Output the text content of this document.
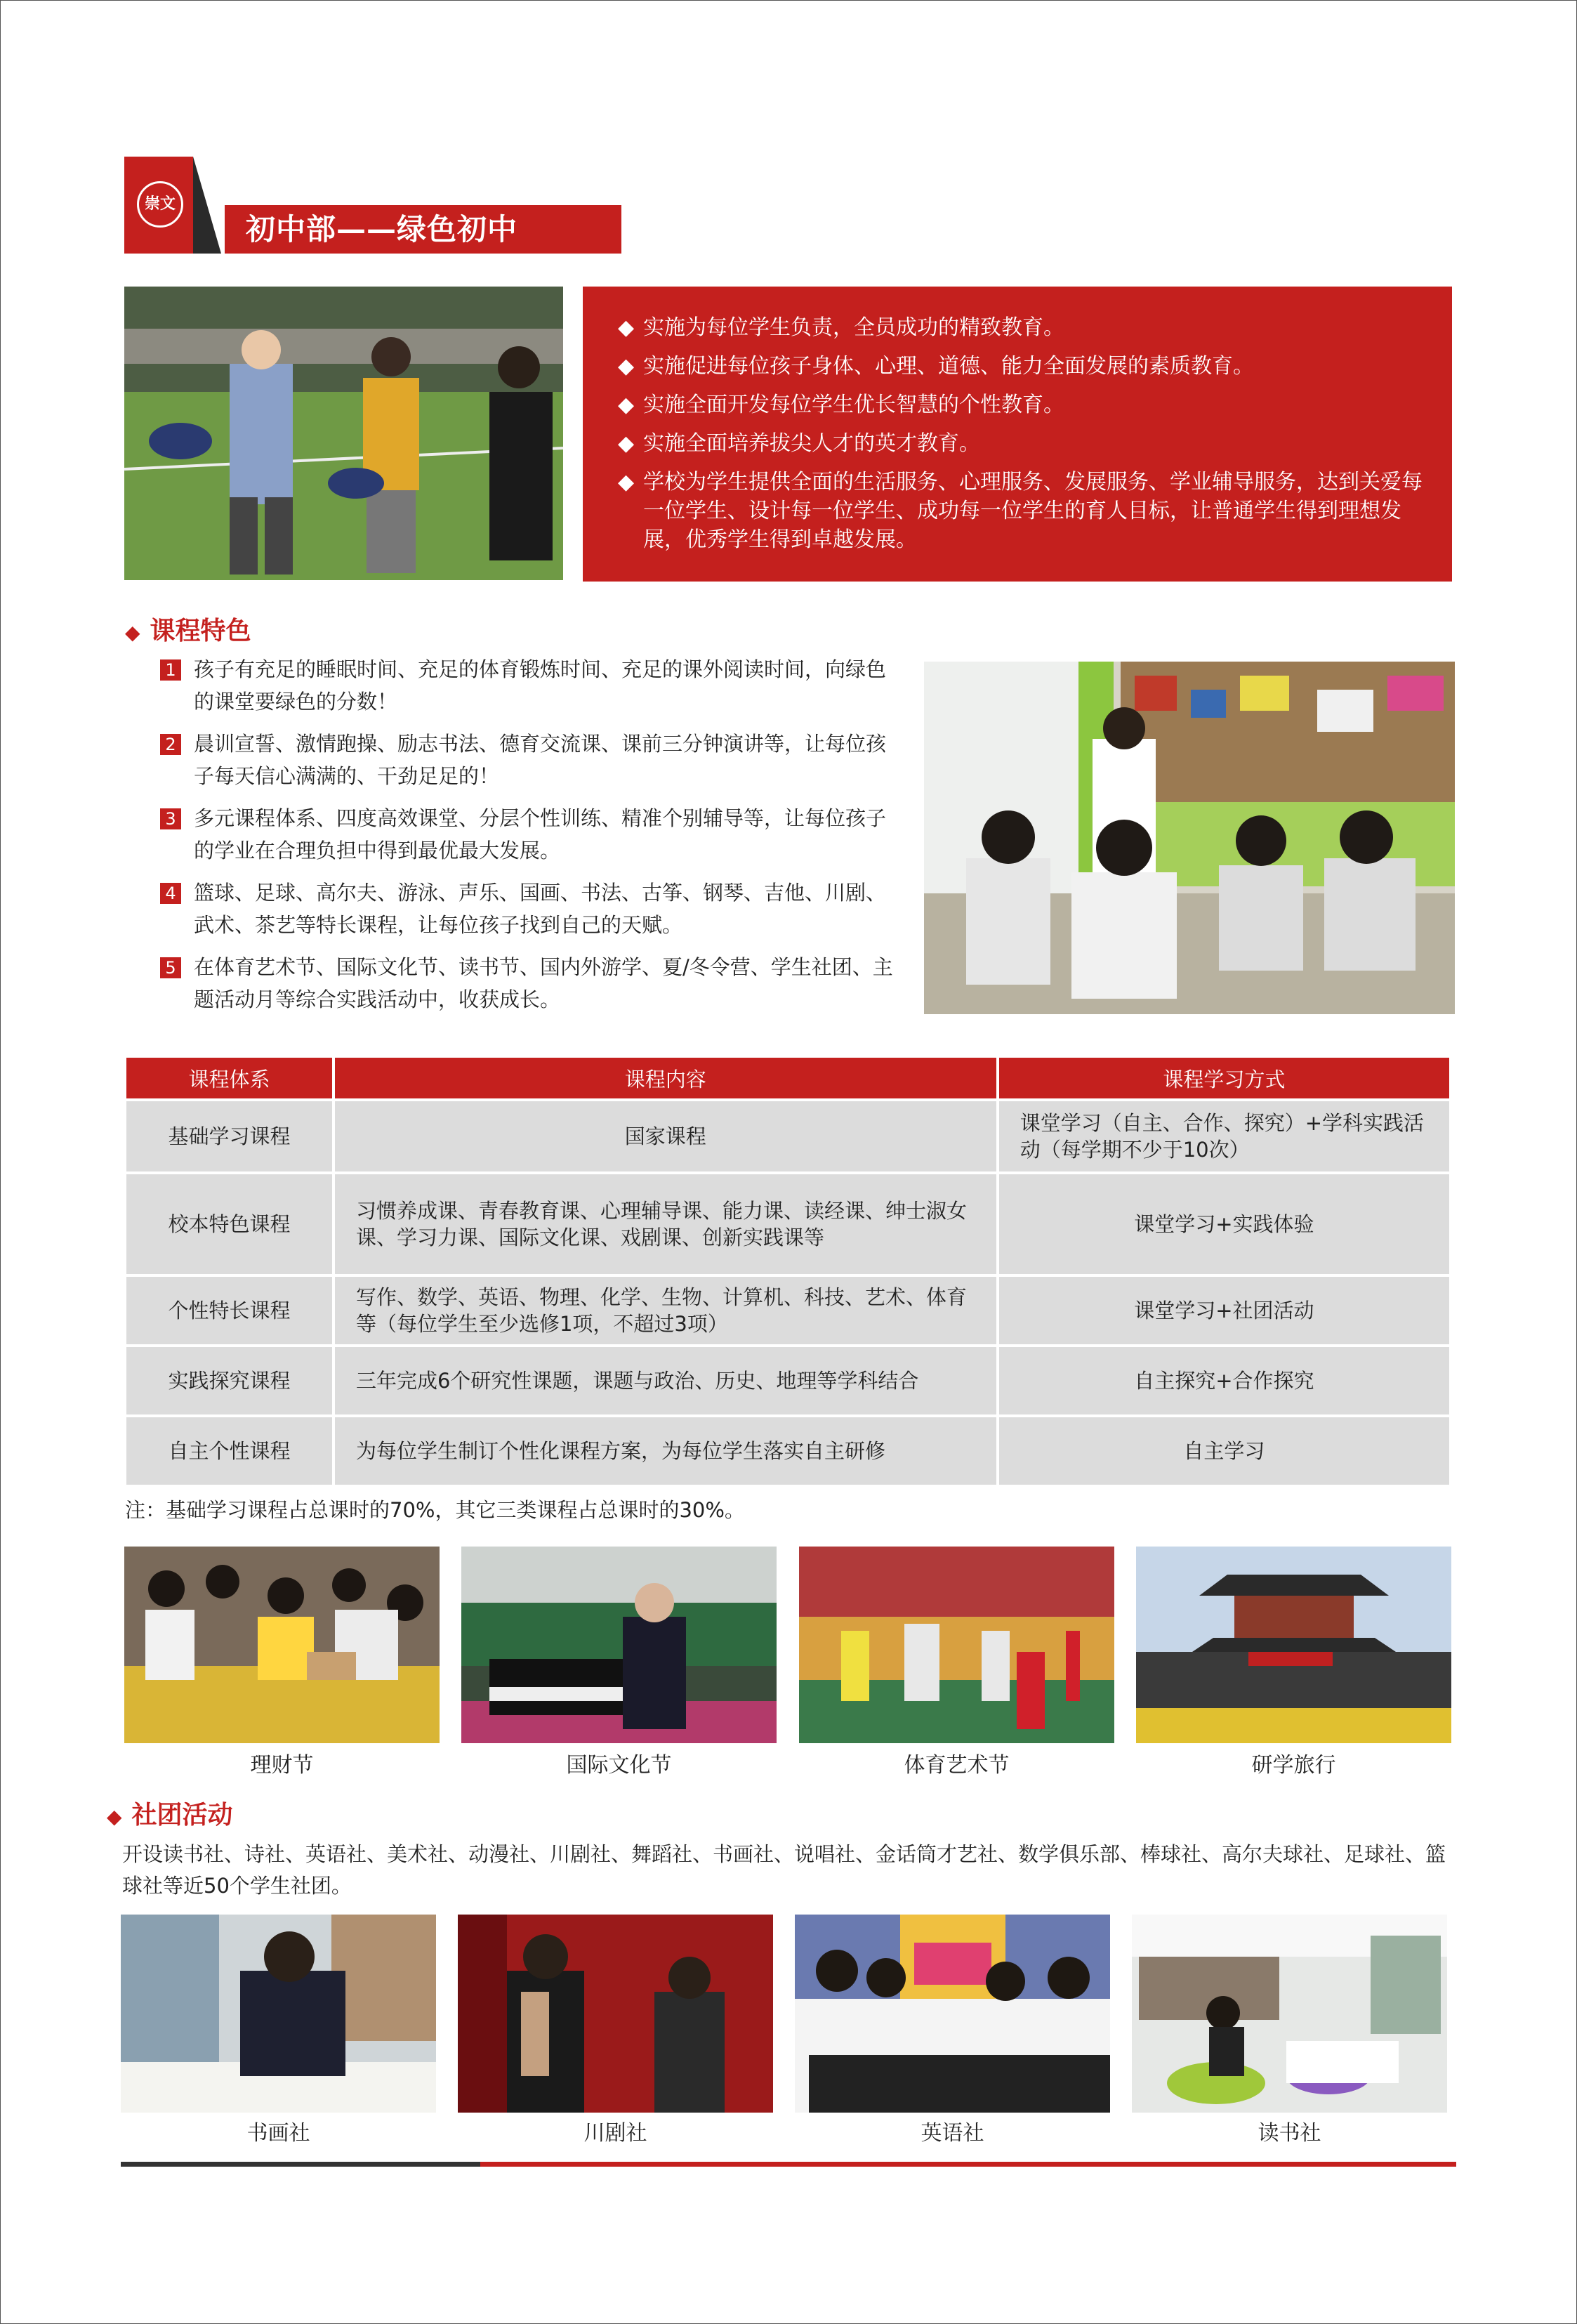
崇文
初中部——绿色初中

◆ 实施为每位学生负责，全员成功的精致教育。

◆ 实施促进每位孩子身体、心理、道德、能力全面发展的素质教育。

◆ 实施全面开发每位学生优长智慧的个性教育。

◆ 实施全面培养拔尖人才的英才教育。

◆ 学校为学生提供全面的生活服务、心理服务、发展服务、学业辅导服务，达到关爱每一位学生、设计每一位学生、成功每一位学生的育人目标，让普通学生得到理想发展，优秀学生得到卓越发展。

◆ 课程特色
1 孩子有充足的睡眠时间、充足的体育锻炼时间、充足的课外阅读时间，向绿色的课堂要绿色的分数！
2 晨训宣誓、激情跑操、励志书法、德育交流课、课前三分钟演讲等，让每位孩子每天信心满满的、干劲足足的！
3 多元课程体系、四度高效课堂、分层个性训练、精准个别辅导等，让每位孩子的学业在合理负担中得到最优最大发展。
4 篮球、足球、高尔夫、游泳、声乐、国画、书法、古筝、钢琴、吉他、川剧、武术、茶艺等特长课程，让每位孩子找到自己的天赋。
5 在体育艺术节、国际文化节、读书节、国内外游学、夏/冬令营、学生社团、主题活动月等综合实践活动中，收获成长。
课程体系	课程内容	课程学习方式
基础学习课程	国家课程	课堂学习（自主、合作、探究）+学科实践活动（每学期不少于10次）
校本特色课程	习惯养成课、青春教育课、心理辅导课、能力课、读经课、绅士淑女课、学习力课、国际文化课、戏剧课、创新实践课等	课堂学习+实践体验
个性特长课程	写作、数学、英语、物理、化学、生物、计算机、科技、艺术、体育等（每位学生至少选修1项，不超过3项）	课堂学习+社团活动
实践探究课程	三年完成6个研究性课题，课题与政治、历史、地理等学科结合	自主探究+合作探究
自主个性课程	为每位学生制订个性化课程方案，为每位学生落实自主研修	自主学习
注：基础学习课程占总课时的70%，其它三类课程占总课时的30%。
理财节	国际文化节	体育艺术节	研学旅行
◆ 社团活动
开设读书社、诗社、英语社、美术社、动漫社、川剧社、舞蹈社、书画社、说唱社、金话筒才艺社、数学俱乐部、棒球社、高尔夫球社、足球社、篮球社等近50个学生社团。
书画社	川剧社	英语社	读书社
